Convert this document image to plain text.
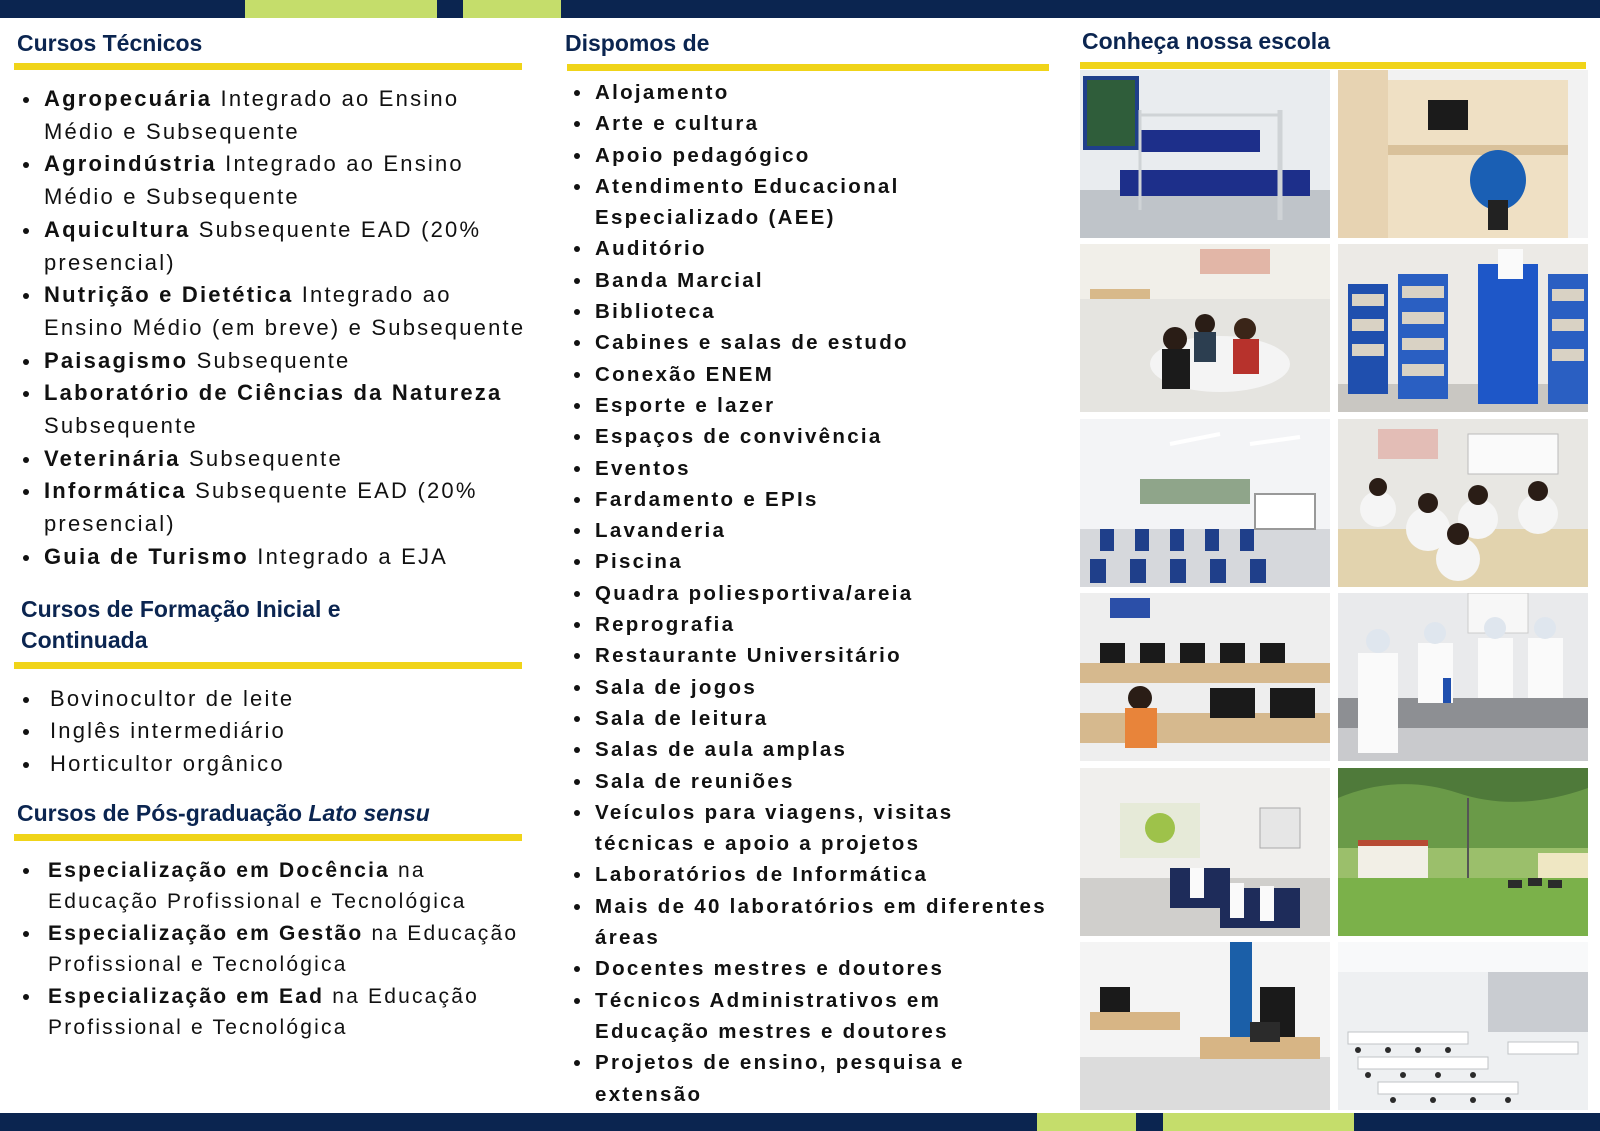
Cursos Técnicos
Agropecuária Integrado ao Ensino Médio e Subsequente
Agroindústria Integrado ao Ensino Médio e Subsequente
Aquicultura Subsequente EAD (20% presencial)
Nutrição e Dietética Integrado ao Ensino Médio (em breve) e Subsequente
Paisagismo Subsequente
Laboratório de Ciências da Natureza Subsequente
Veterinária Subsequente
Informática Subsequente EAD (20% presencial)
Guia de Turismo Integrado a EJA
Cursos de Formação Inicial e
Continuada
Bovinocultor de leite
Inglês intermediário
Horticultor orgânico
Cursos de Pós-graduação Lato sensu
Especialização em Docência na Educação Profissional e Tecnológica
Especialização em Gestão na Educação Profissional e Tecnológica
Especialização em Ead na Educação Profissional e Tecnológica
Dispomos de
Alojamento
Arte e cultura
Apoio pedagógico
Atendimento Educacional Especializado (AEE)
Auditório
Banda Marcial
Biblioteca
Cabines e salas de estudo
Conexão ENEM
Esporte e lazer
Espaços de convivência
Eventos
Fardamento e EPIs
Lavanderia
Piscina
Quadra poliesportiva/areia
Reprografia
Restaurante Universitário
Sala de jogos
Sala de leitura
Salas de aula amplas
Sala de reuniões
Veículos para viagens, visitas técnicas e apoio a projetos
Laboratórios de Informática
Mais de 40 laboratórios em diferentes áreas
Docentes mestres e doutores
Técnicos Administrativos em Educação mestres e doutores
Projetos de ensino, pesquisa e extensão
Conheça nossa escola
